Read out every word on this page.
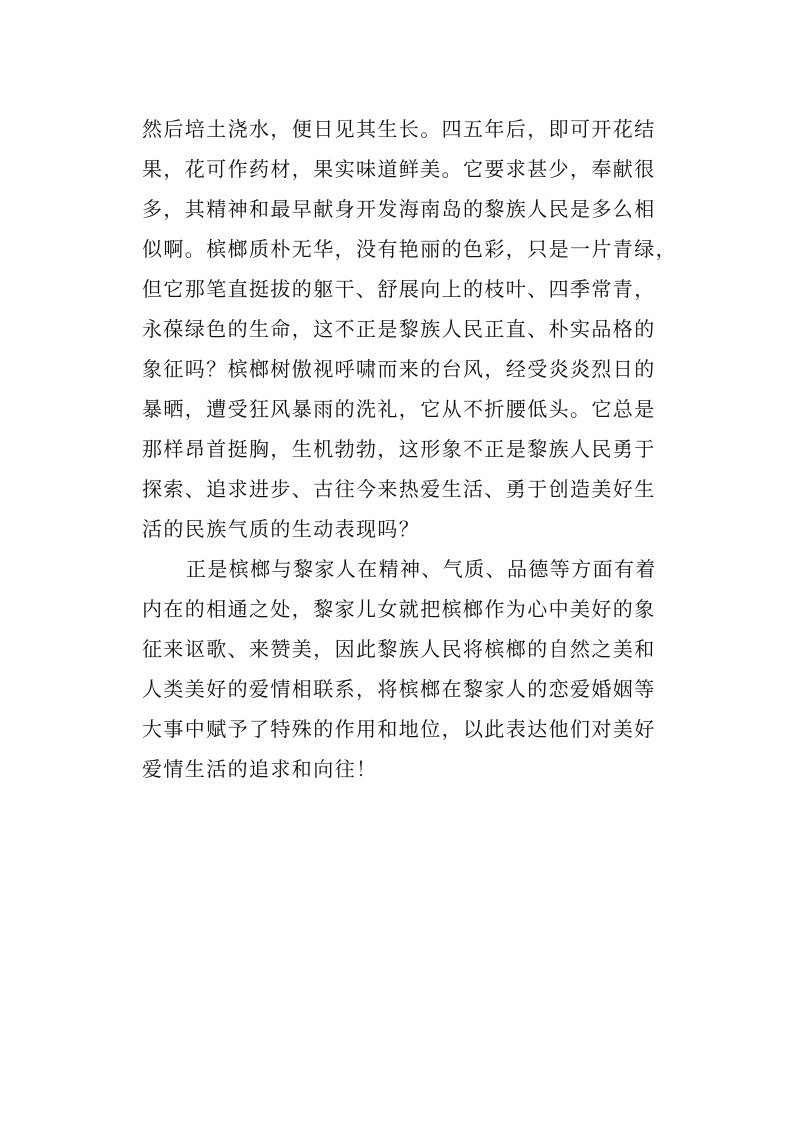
然后培土浇水，便日见其生长。四五年后，即可开花结
果，花可作药材，果实味道鲜美。它要求甚少，奉献很
多，其精神和最早献身开发海南岛的黎族人民是多么相
似啊。槟榔质朴无华，没有艳丽的色彩，只是一片青绿，
但它那笔直挺拔的躯干、舒展向上的枝叶、四季常青，
永葆绿色的生命，这不正是黎族人民正直、朴实品格的
象征吗？槟榔树傲视呼啸而来的台风，经受炎炎烈日的
暴晒，遭受狂风暴雨的洗礼，它从不折腰低头。它总是
那样昂首挺胸，生机勃勃，这形象不正是黎族人民勇于
探索、追求进步、古往今来热爱生活、勇于创造美好生
活的民族气质的生动表现吗？
正是槟榔与黎家人在精神、气质、品德等方面有着
内在的相通之处，黎家儿女就把槟榔作为心中美好的象
征来讴歌、来赞美，因此黎族人民将槟榔的自然之美和
人类美好的爱情相联系，将槟榔在黎家人的恋爱婚姻等
大事中赋予了特殊的作用和地位，以此表达他们对美好
爱情生活的追求和向往！
